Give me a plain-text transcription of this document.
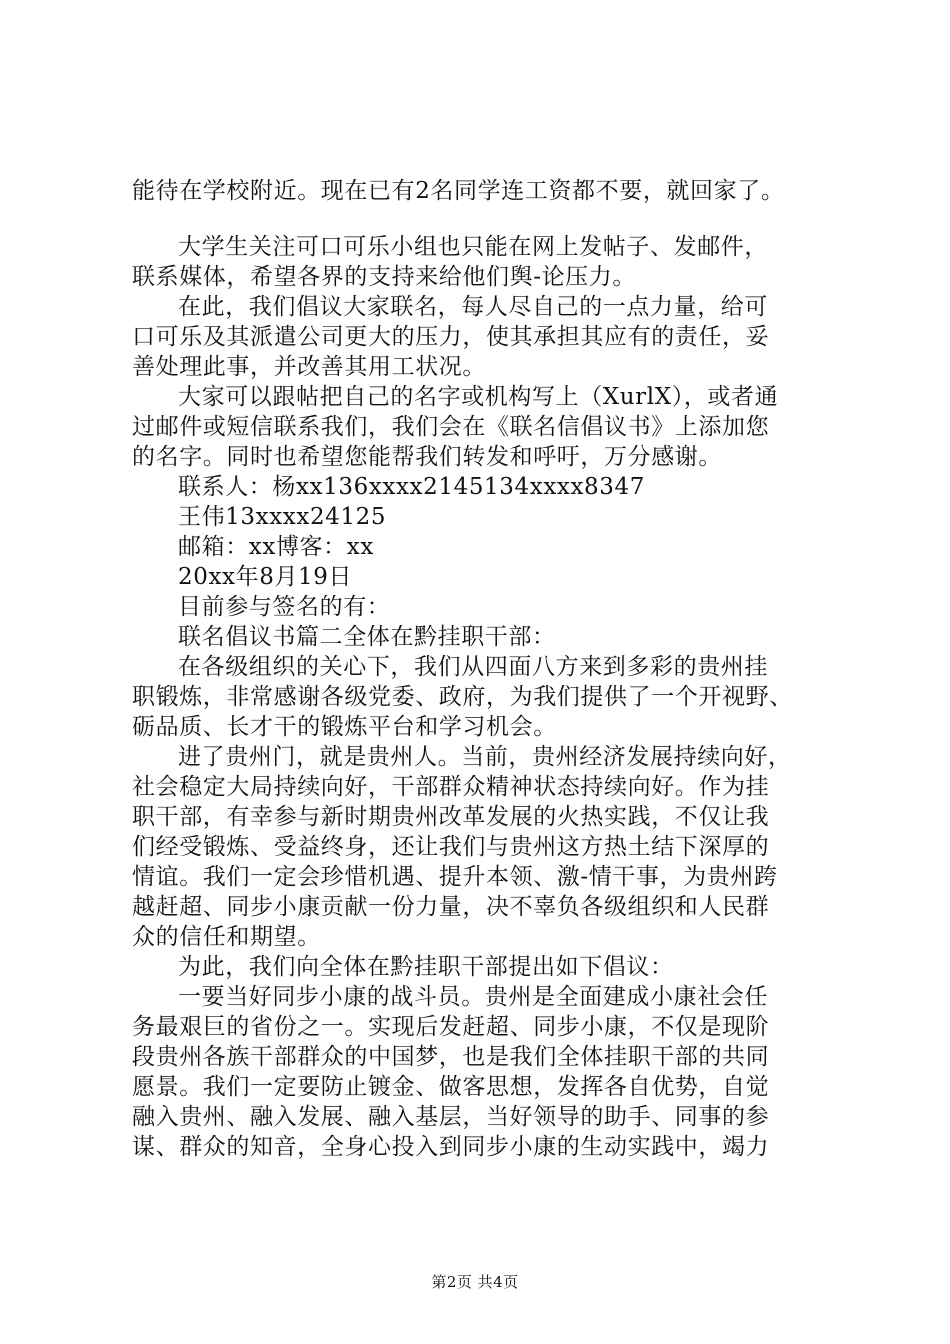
能待在学校附近。现在已有2名同学连工资都不要，就回家了。
大学生关注可口可乐小组也只能在网上发帖子、发邮件，
联系媒体，希望各界的支持来给他们舆-论压力。
在此，我们倡议大家联名，每人尽自己的一点力量，给可
口可乐及其派遣公司更大的压力，使其承担其应有的责任，妥
善处理此事，并改善其用工状况。
大家可以跟帖把自己的名字或机构写上（XurlX），或者通
过邮件或短信联系我们，我们会在《联名信倡议书》上添加您
的名字。同时也希望您能帮我们转发和呼吁，万分感谢。
联系人：杨xx136xxxx2145134xxxx8347
王伟13xxxx24125
邮箱：xx博客：xx
20xx年8月19日
目前参与签名的有：
联名倡议书篇二全体在黔挂职干部：
在各级组织的关心下，我们从四面八方来到多彩的贵州挂
职锻炼，非常感谢各级党委、政府，为我们提供了一个开视野、
砺品质、长才干的锻炼平台和学习机会。
进了贵州门，就是贵州人。当前，贵州经济发展持续向好，
社会稳定大局持续向好，干部群众精神状态持续向好。作为挂
职干部，有幸参与新时期贵州改革发展的火热实践，不仅让我
们经受锻炼、受益终身，还让我们与贵州这方热土结下深厚的
情谊。我们一定会珍惜机遇、提升本领、激-情干事，为贵州跨
越赶超、同步小康贡献一份力量，决不辜负各级组织和人民群
众的信任和期望。
为此，我们向全体在黔挂职干部提出如下倡议：
一要当好同步小康的战斗员。贵州是全面建成小康社会任
务最艰巨的省份之一。实现后发赶超、同步小康，不仅是现阶
段贵州各族干部群众的中国梦，也是我们全体挂职干部的共同
愿景。我们一定要防止镀金、做客思想，发挥各自优势，自觉
融入贵州、融入发展、融入基层，当好领导的助手、同事的参
谋、群众的知音，全身心投入到同步小康的生动实践中，竭力
第2页 共4页
